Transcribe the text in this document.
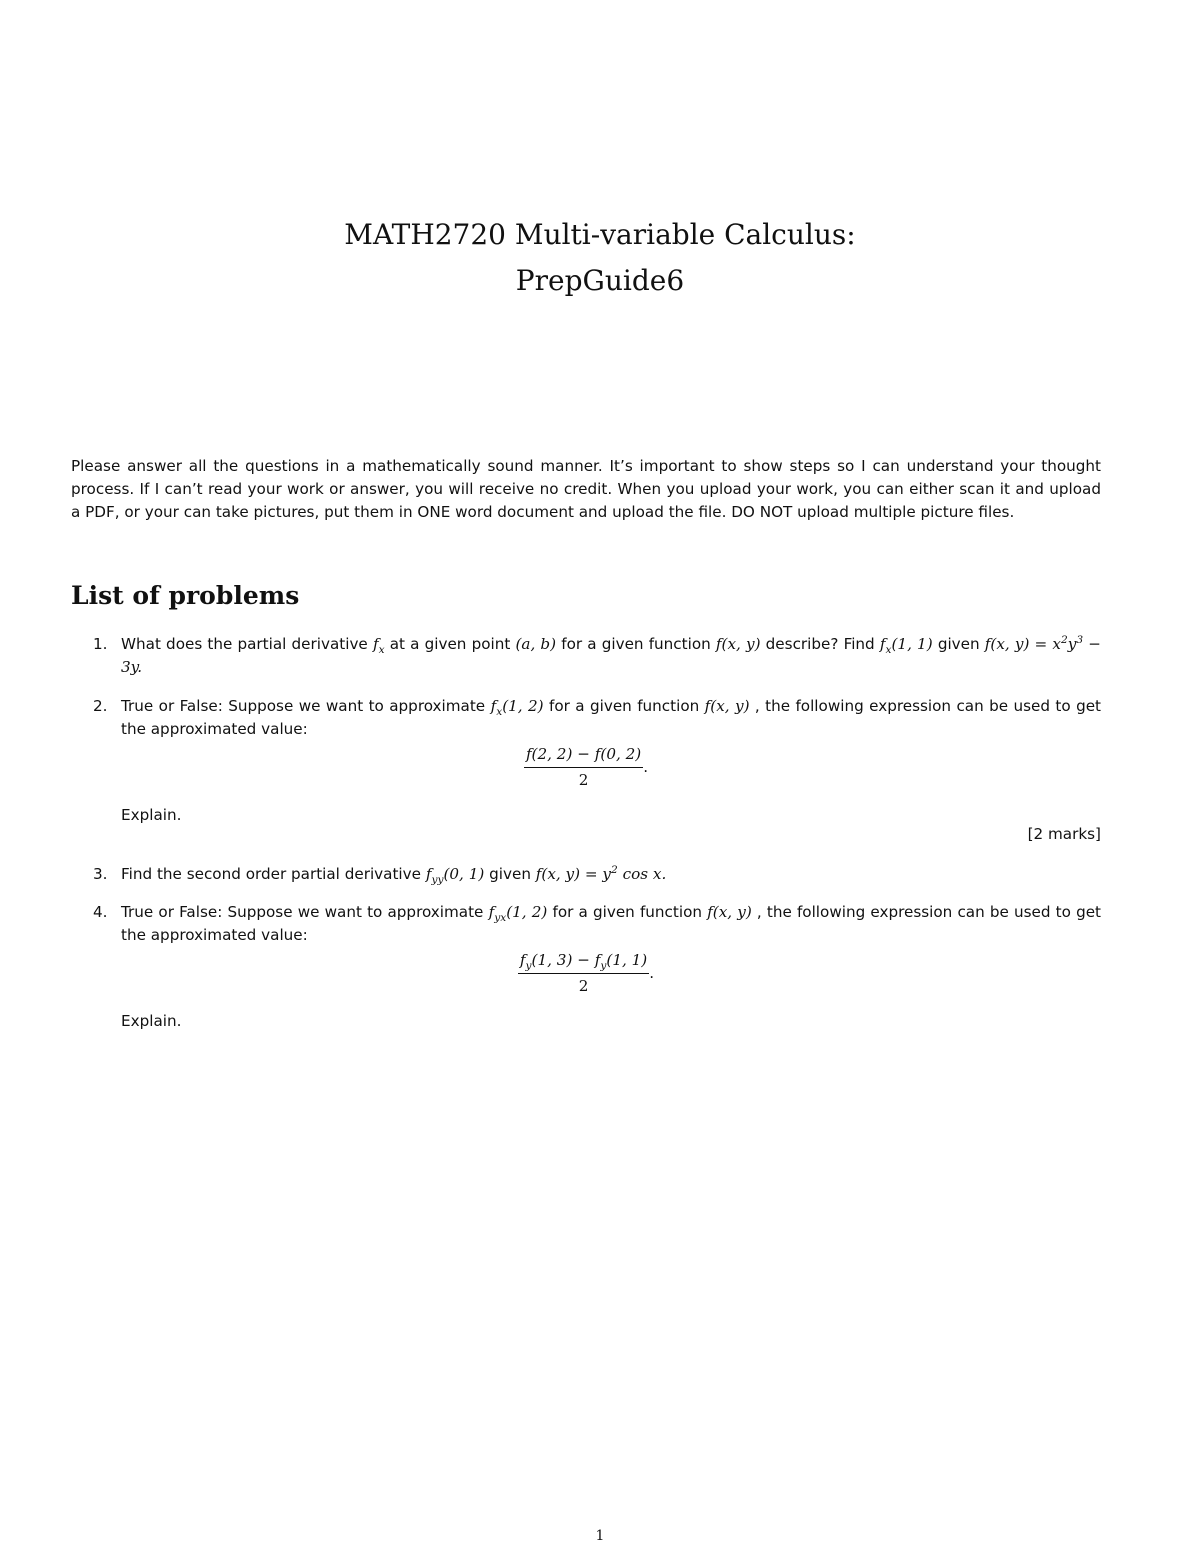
MATH2720 Multi-variable Calculus:
PrepGuide6
Please answer all the questions in a mathematically sound manner. It’s important to show steps so I can understand your thought process. If I can’t read your work or answer, you will receive no credit. When you upload your work, you can either scan it and upload a PDF, or your can take pictures, put them in ONE word document and upload the file. DO NOT upload multiple picture files.
List of problems
1. What does the partial derivative $f_x$ at a given point (a, b) for a given function f(x, y) describe? Find $f_x(1$, 1) given f(x, $y) = x^2y^3 - 3y$.
2. True or False: Suppose we want to approximate $f_x(1$, 2) for a given function f(x, y) , the following expression can be used to get the approximated value:
$\frac{f(2, 2) - f(0, 2)}{2}$ .
Explain.
[2 marks]
3. Find the second order partial derivative $f_{yy}(0$, 1) given f(x, $y) = y^2$ cos x.
4. True or False: Suppose we want to approximate $f_{yx}(1$, 2) for a given function f(x, y) , the following expression can be used to get the approximated value:
$\frac{f_y(1, 3) - f_y(1, 1)}{2}$ .
Explain.
1
